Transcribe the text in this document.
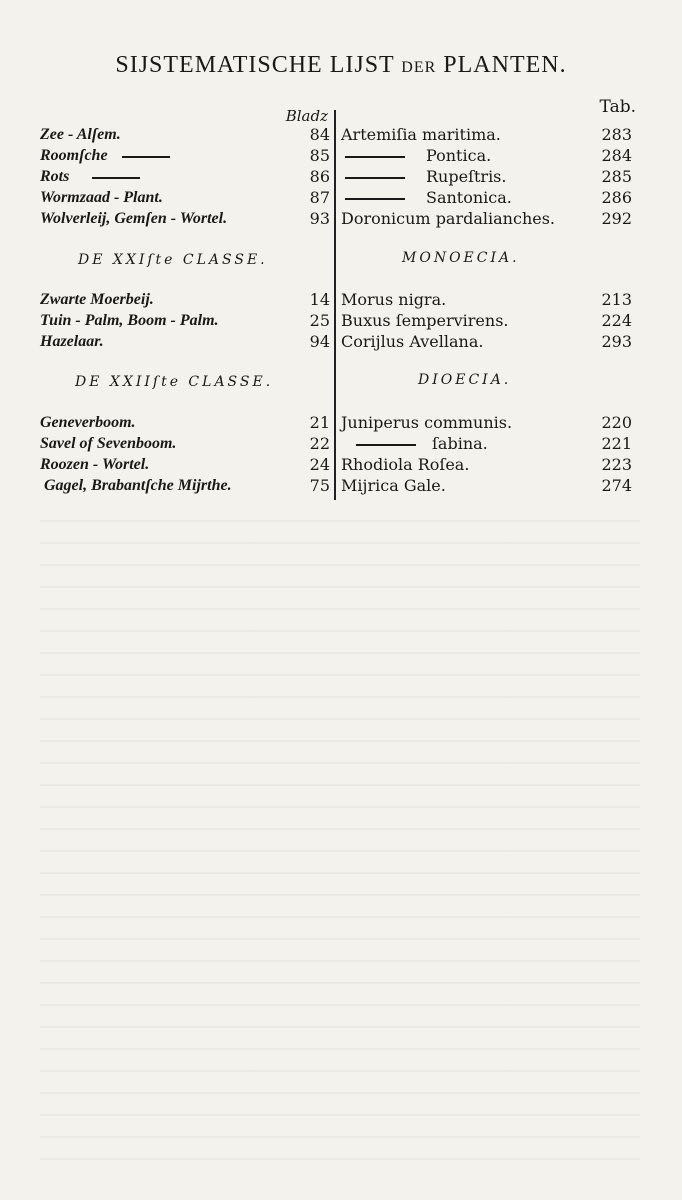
SIJSTEMATISCHE LIJST DER PLANTEN.
Bladz	Tab.
Zee - Alſem.	84 Artemiſia maritima.	283
Roomſche	85	Pontica.	284
Rots	86	Rupeſtris.	285
Wormzaad - Plant.	87	Santonica.	286
Wolverleij, Gemſen - Wortel.	93 Doronicum pardalianches.	292
DE XXIſte CLASSE.	MONOECIA.
Zwarte Moerbeij.	14 Morus nigra.	213
Tuin - Palm, Boom - Palm.	25 Buxus ſempervirens.	224
Hazelaar.	94 Corijlus Avellana.	293
DE XXIIſte CLASSE.	DIOECIA.
Geneverboom.	21 Juniperus communis.	220
Savel of Sevenboom.	22	ſabina.	221
Roozen - Wortel.	24 Rhodiola Roſea.	223
Gagel, Brabantſche Mijrthe.	75 Mijrica Gale.	274
